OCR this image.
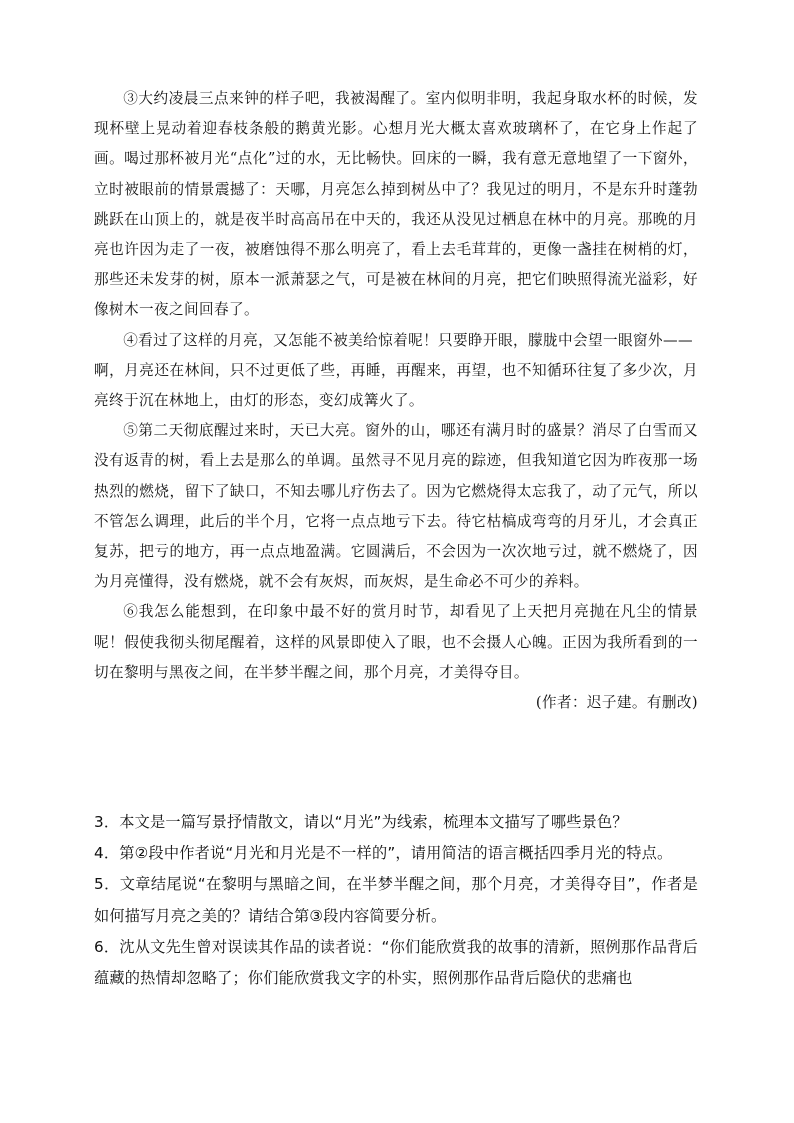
③大约凌晨三点来钟的样子吧，我被渴醒了。室内似明非明，我起身取水杯的时候，发现杯壁上晃动着迎春枝条般的鹅黄光影。心想月光大概太喜欢玻璃杯了，在它身上作起了画。喝过那杯被月光“点化”过的水，无比畅快。回床的一瞬，我有意无意地望了一下窗外，立时被眼前的情景震撼了：天哪，月亮怎么掉到树丛中了？我见过的明月，不是东升时蓬勃跳跃在山顶上的，就是夜半时高高吊在中天的，我还从没见过栖息在林中的月亮。那晚的月亮也许因为走了一夜，被磨蚀得不那么明亮了，看上去毛茸茸的，更像一盏挂在树梢的灯，那些还未发芽的树，原本一派萧瑟之气，可是被在林间的月亮，把它们映照得流光溢彩，好像树木一夜之间回春了。

④看过了这样的月亮，又怎能不被美给惊着呢！只要睁开眼，朦胧中会望一眼窗外——

啊，月亮还在林间，只不过更低了些，再睡，再醒来，再望，也不知循环往复了多少次，月亮终于沉在林地上，由灯的形态，变幻成篝火了。

⑤第二天彻底醒过来时，天已大亮。窗外的山，哪还有满月时的盛景？消尽了白雪而又没有返青的树，看上去是那么的单调。虽然寻不见月亮的踪迹，但我知道它因为昨夜那一场热烈的燃烧，留下了缺口，不知去哪儿疗伤去了。因为它燃烧得太忘我了，动了元气，所以不管怎么调理，此后的半个月，它将一点点地亏下去。待它枯槁成弯弯的月牙儿，才会真正复苏，把亏的地方，再一点点地盈满。它圆满后，不会因为一次次地亏过，就不燃烧了，因为月亮懂得，没有燃烧，就不会有灰烬，而灰烬，是生命必不可少的养料。

⑥我怎么能想到，在印象中最不好的赏月时节，却看见了上天把月亮抛在凡尘的情景呢！假使我彻头彻尾醒着，这样的风景即使入了眼，也不会摄人心魄。正因为我所看到的一切在黎明与黑夜之间，在半梦半醒之间，那个月亮，才美得夺目。

(作者：迟子建。有删改)

3．本文是一篇写景抒情散文，请以“月光”为线索，梳理本文描写了哪些景色？

4．第②段中作者说“月光和月光是不一样的”，请用简洁的语言概括四季月光的特点。

5．文章结尾说“在黎明与黑暗之间，在半梦半醒之间，那个月亮，才美得夺目”，作者是如何描写月亮之美的？请结合第③段内容简要分析。

6．沈从文先生曾对误读其作品的读者说：“你们能欣赏我的故事的清新，照例那作品背后蕴藏的热情却忽略了；你们能欣赏我文字的朴实，照例那作品背后隐伏的悲痛也
